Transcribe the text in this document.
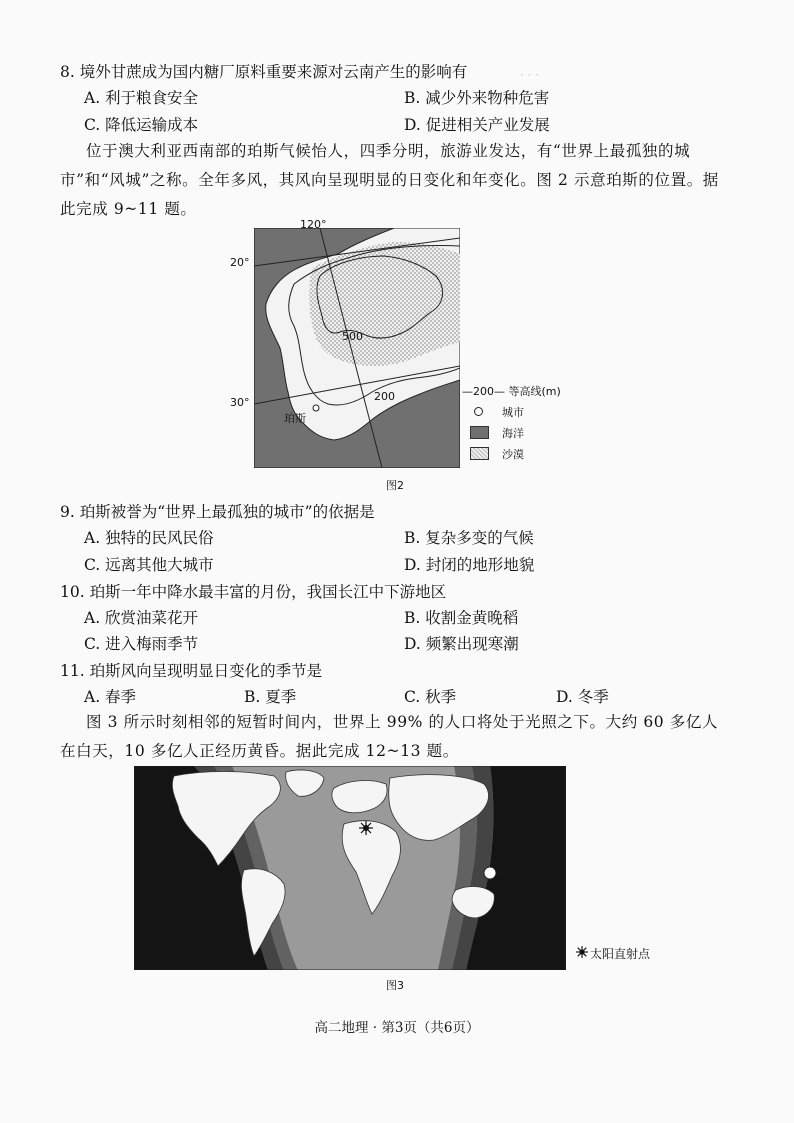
· · ·
8. 境外甘蔗成为国内糖厂原料重要来源对云南产生的影响有
A. 利于粮食安全	B. 减少外来物种危害
C. 降低运输成本	D. 促进相关产业发展
位于澳大利亚西南部的珀斯气候怡人，四季分明，旅游业发达，有“世界上最孤独的城市”和“风城”之称。全年多风，其风向呈现明显的日变化和年变化。图 2 示意珀斯的位置。据此完成 9~11 题。
500
200
珀斯
20°
30°
120°
—200— 等高线(m)
城市
海洋
沙漠
图2
9. 珀斯被誉为“世界上最孤独的城市”的依据是
A. 独特的民风民俗	B. 复杂多变的气候
C. 远离其他大城市	D. 封闭的地形地貌
10. 珀斯一年中降水最丰富的月份，我国长江中下游地区
A. 欣赏油菜花开	B. 收割金黄晚稻
C. 进入梅雨季节	D. 频繁出现寒潮
11. 珀斯风向呈现明显日变化的季节是
A. 春季	B. 夏季	C. 秋季	D. 冬季
图 3 所示时刻相邻的短暂时间内，世界上 99% 的人口将处于光照之下。大约 60 多亿人在白天，10 多亿人正经历黄昏。据此完成 12~13 题。
太阳直射点
图3
高二地理 · 第3页（共6页）
